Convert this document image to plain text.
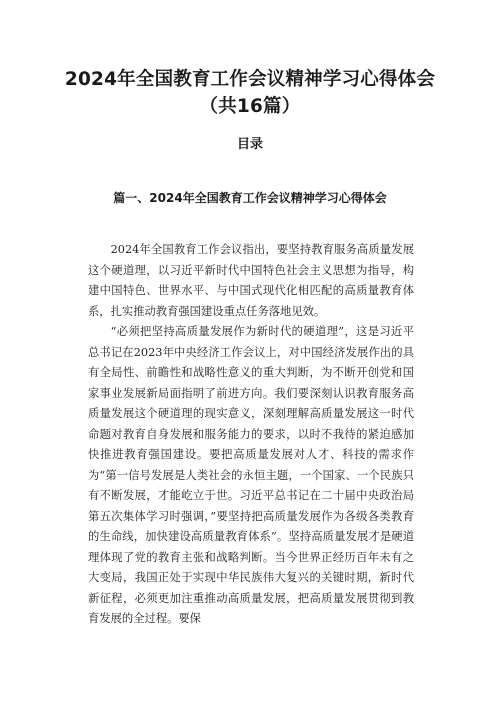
2024年全国教育工作会议精神学习心得体会（共16篇）
目录
篇一、2024年全国教育工作会议精神学习心得体会

2024年全国教育工作会议指出，要坚持教育服务高质量发展这个硬道理，以习近平新时代中国特色社会主义思想为指导，构建中国特色、世界水平、与中国式现代化相匹配的高质量教育体系，扎实推动教育强国建设重点任务落地见效。

“必须把坚持高质量发展作为新时代的硬道理”，这是习近平总书记在2023年中央经济工作会议上，对中国经济发展作出的具有全局性、前瞻性和战略性意义的重大判断，为不断开创党和国家事业发展新局面指明了前进方向。我们要深刻认识教育服务高质量发展这个硬道理的现实意义，深刻理解高质量发展这一时代命题对教育自身发展和服务能力的要求，以时不我待的紧迫感加快推进教育强国建设。要把高质量发展对人才、科技的需求作为“第一信号发展是人类社会的永恒主题，一个国家、一个民族只有不断发展，才能屹立于世。习近平总书记在二十届中央政治局第五次集体学习时强调，”要坚持把高质量发展作为各级各类教育的生命线，加快建设高质量教育体系”。坚持高质量发展才是硬道理体现了党的教育主张和战略判断。当今世界正经历百年未有之大变局，我国正处于实现中华民族伟大复兴的关键时期，新时代新征程，必须更加注重推动高质量发展，把高质量发展贯彻到教育发展的全过程。要保
